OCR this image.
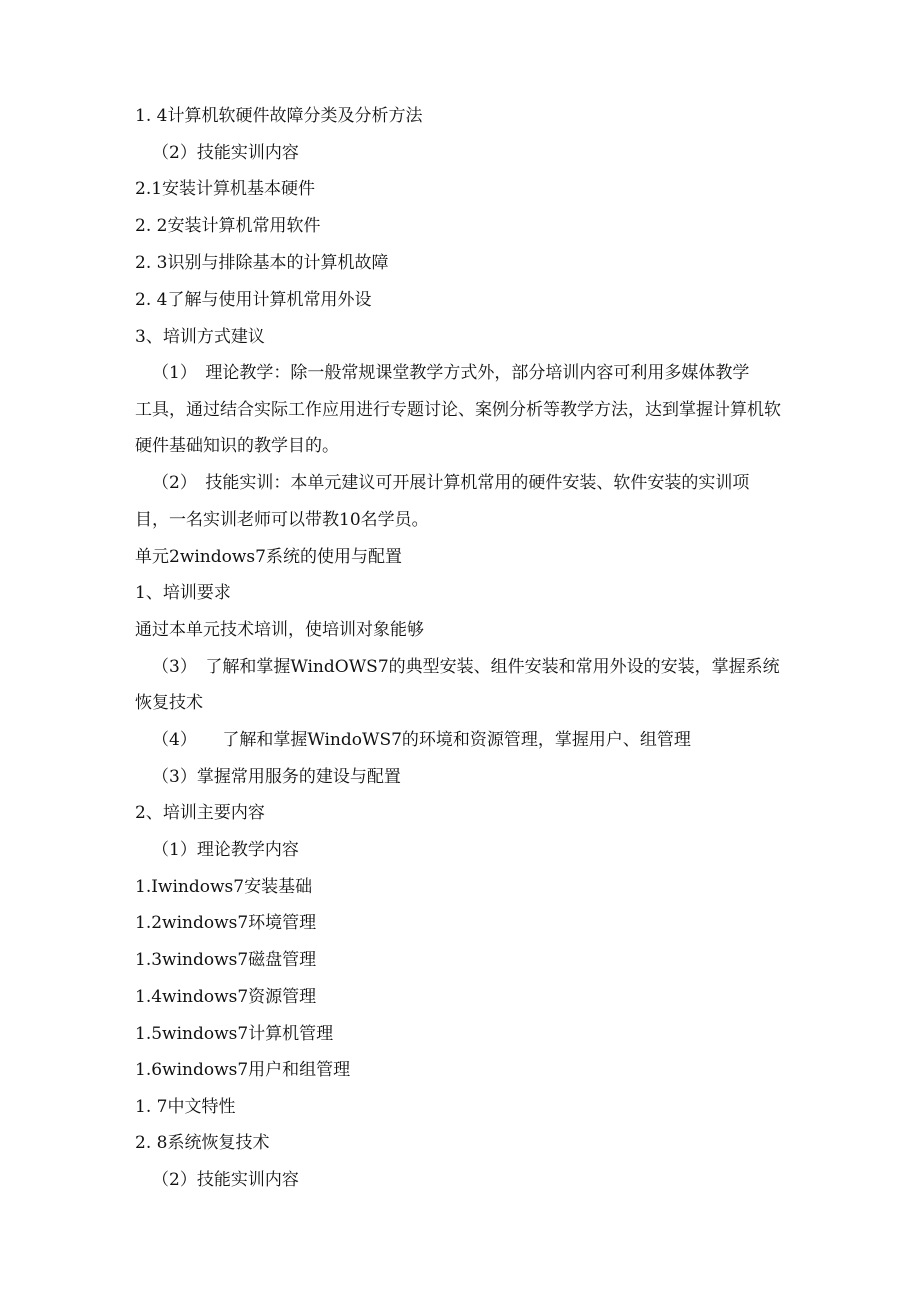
1. 4计算机软硬件故障分类及分析方法
（2）技能实训内容
2.1安装计算机基本硬件
2. 2安装计算机常用软件
2. 3识别与排除基本的计算机故障
2. 4了解与使用计算机常用外设
3、培训方式建议
（1）　理论教学：除一般常规课堂教学方式外，部分培训内容可利用多媒体教学
工具，通过结合实际工作应用进行专题讨论、案例分析等教学方法，达到掌握计算机软
硬件基础知识的教学目的。
（2）　技能实训：本单元建议可开展计算机常用的硬件安装、软件安装的实训项
目，一名实训老师可以带教10名学员。
单元2windows7系统的使用与配置
1、培训要求
通过本单元技术培训，使培训对象能够
（3）　了解和掌握WindOWS7的典型安装、组件安装和常用外设的安装，掌握系统
恢复技术
（4）　　了解和掌握WindoWS7的环境和资源管理，掌握用户、组管理
（3）掌握常用服务的建设与配置
2、培训主要内容
（1）理论教学内容
1.Iwindows7安装基础
1.2windows7环境管理
1.3windows7磁盘管理
1.4windows7资源管理
1.5windows7计算机管理
1.6windows7用户和组管理
1. 7中文特性
2. 8系统恢复技术
（2）技能实训内容
